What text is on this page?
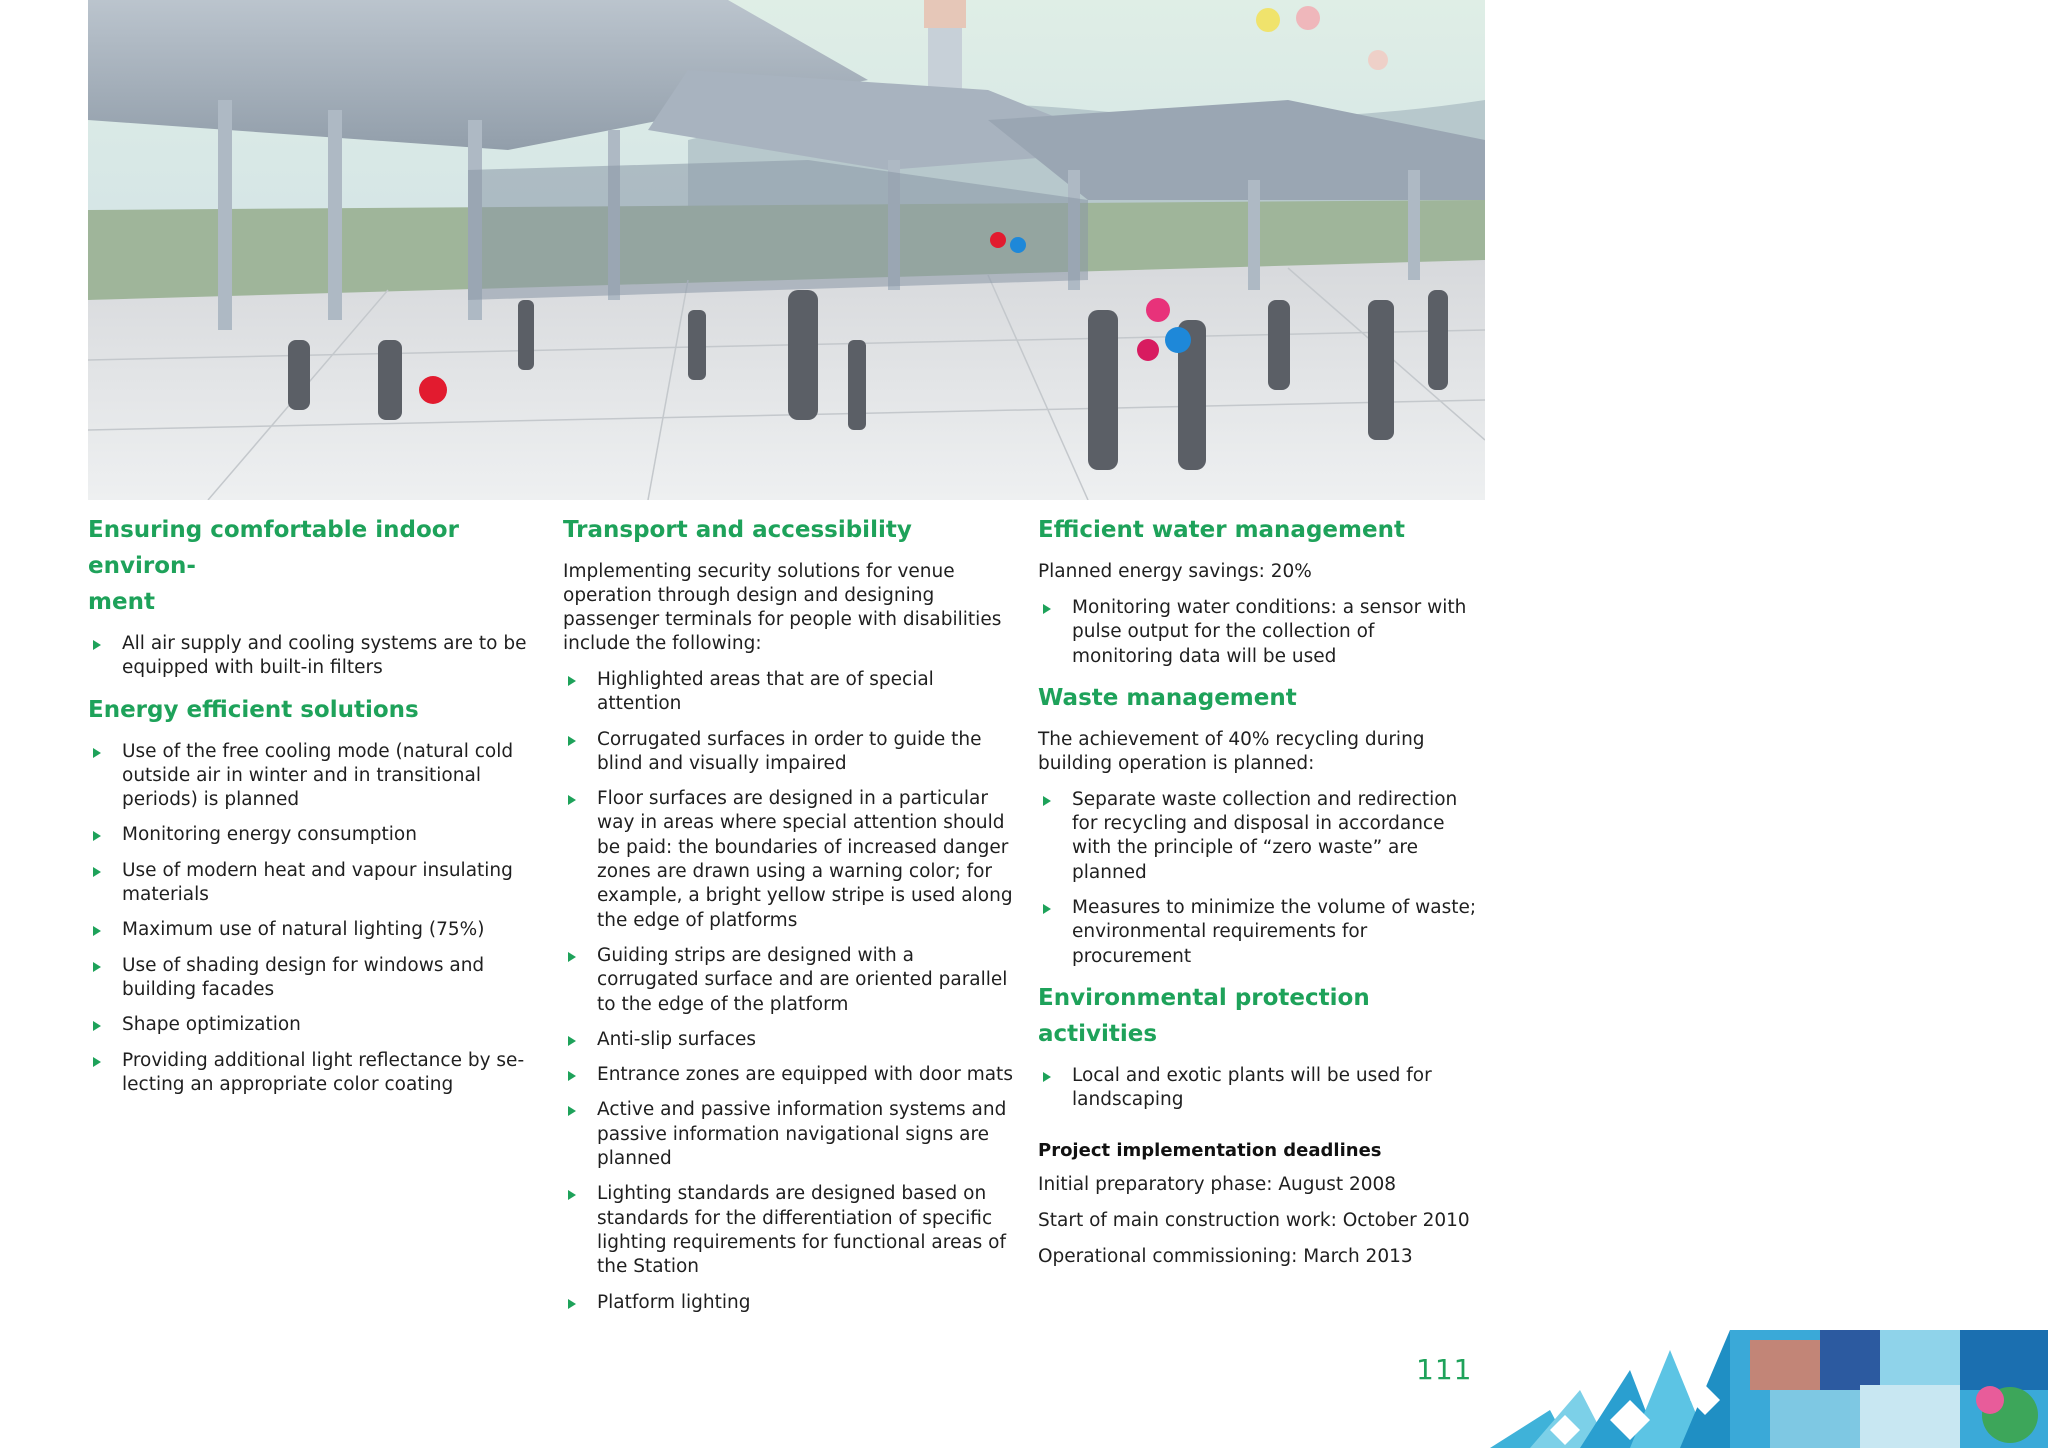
Ensuring comfortable indoor environ-
ment
All air supply and cooling systems are to be equipped with built-in filters
Energy efficient solutions
Use of the free cooling mode (natural cold outside air in winter and in transitional periods) is planned
Monitoring energy consumption
Use of modern heat and vapour insulating materials
Maximum use of natural lighting (75%)
Use of shading design for windows and building facades
Shape optimization
Providing additional light reflectance by selecting an appropriate color coating
Transport and accessibility

Implementing security solutions for venue operation through design and designing passenger terminals for people with disabilities include the following:

Highlighted areas that are of special attention
Corrugated surfaces in order to guide the blind and visually impaired
Floor surfaces are designed in a particular way in areas where special attention should be paid: the boundaries of increased danger zones are drawn using a warning color; for example, a bright yellow stripe is used along the edge of platforms
Guiding strips are designed with a corrugated surface and are oriented parallel to the edge of the platform
Anti-slip surfaces
Entrance zones are equipped with door mats
Active and passive information systems and passive information navigational signs are planned
Lighting standards are designed based on standards for the differentiation of specific lighting requirements for functional areas of the Station
Platform lighting
Efficient water management

Planned energy savings: 20%

Monitoring water conditions: a sensor with pulse output for the collection of monitoring data will be used
Waste management

The achievement of 40% recycling during building operation is planned:

Separate waste collection and redirection for recycling and disposal in accordance with the principle of “zero waste” are planned
Measures to minimize the volume of waste; environmental requirements for procurement
Environmental protection activities
Local and exotic plants will be used for landscaping
Project implementation deadlines

Initial preparatory phase: August 2008

Start of main construction work: October 2010

Operational commissioning: March 2013

111
